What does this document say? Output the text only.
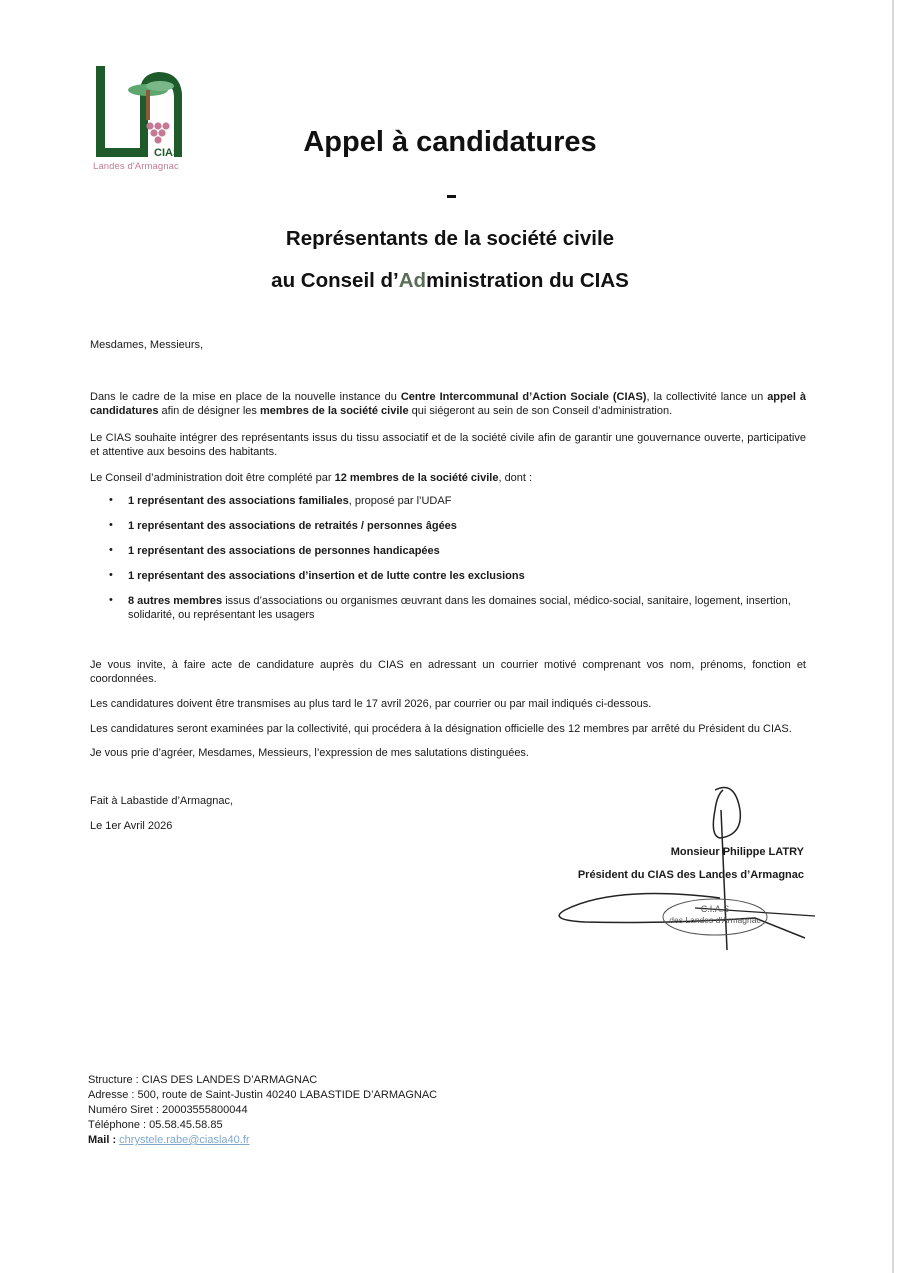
CIAS
Landes d'Armagnac
Appel à candidatures
Représentants de la société civile
au Conseil d’Administration du CIAS
Mesdames, Messieurs,
Dans le cadre de la mise en place de la nouvelle instance du Centre Intercommunal d’Action Sociale (CIAS), la collectivité lance un appel à candidatures afin de désigner les membres de la société civile qui siégeront au sein de son Conseil d’administration.
Le CIAS souhaite intégrer des représentants issus du tissu associatif et de la société civile afin de garantir une gouvernance ouverte, participative et attentive aux besoins des habitants.
Le Conseil d’administration doit être complété par 12 membres de la société civile, dont :
• 1 représentant des associations familiales, proposé par l’UDAF
• 1 représentant des associations de retraités / personnes âgées
• 1 représentant des associations de personnes handicapées
• 1 représentant des associations d’insertion et de lutte contre les exclusions
• 8 autres membres issus d’associations ou organismes œuvrant dans les domaines social, médico-social, sanitaire, logement, insertion, solidarité, ou représentant les usagers
Je vous invite, à faire acte de candidature auprès du CIAS en adressant un courrier motivé comprenant vos nom, prénoms, fonction et coordonnées.
Les candidatures doivent être transmises au plus tard le 17 avril 2026, par courrier ou par mail indiqués ci-dessous.
Les candidatures seront examinées par la collectivité, qui procédera à la désignation officielle des 12 membres par arrêté du Président du CIAS.
Je vous prie d’agréer, Mesdames, Messieurs, l’expression de mes salutations distinguées.
Fait à Labastide d’Armagnac,
Le 1er Avril 2026
C.I.A.S
des Landes d'Armagnac
Monsieur Philippe LATRY
Président du CIAS des Landes d’Armagnac
Structure : CIAS DES LANDES D’ARMAGNAC
Adresse : 500, route de Saint-Justin 40240 LABASTIDE D’ARMAGNAC
Numéro Siret : 20003555800044
Téléphone : 05.58.45.58.85
Mail : chrystele.rabe@ciasla40.fr
